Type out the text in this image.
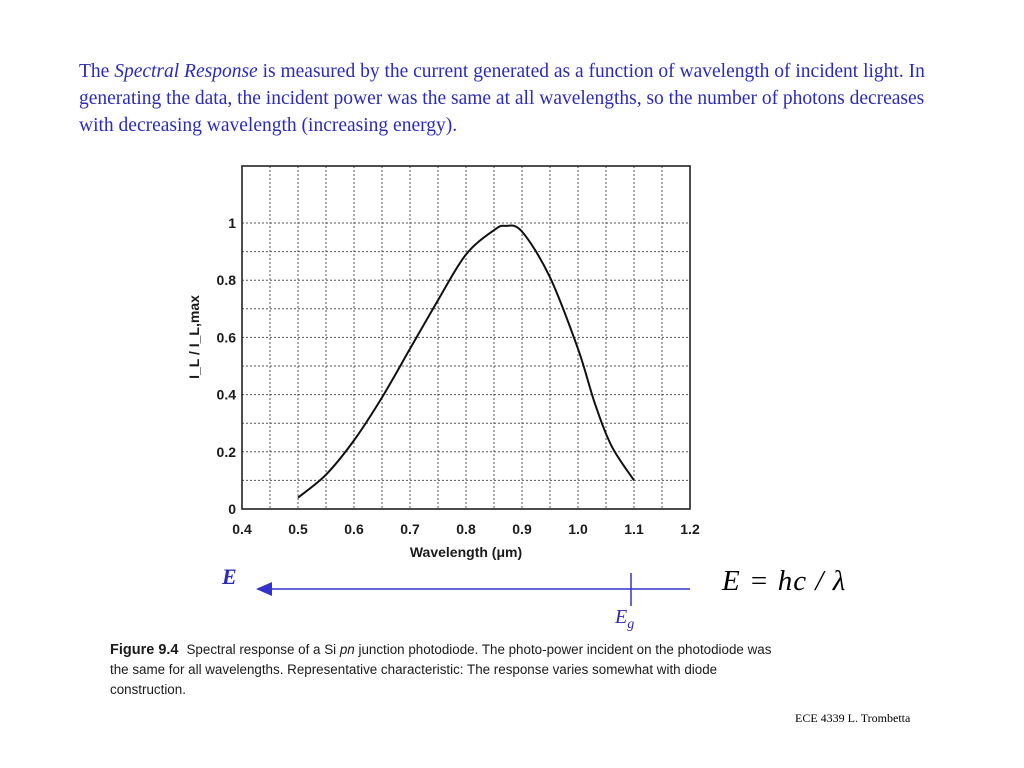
The Spectral Response is measured by the current generated as a function of wavelength of incident light. In generating the data, the incident power was the same at all wavelengths, so the number of photons decreases with decreasing wavelength (increasing energy).
0.4	0.5	0.6	0.7	0.8	0.9	1.0	1.1	1.2
0
0.2
0.4
0.6
0.8
1
Wavelength (μm)
I_L / I_L,max
E
$E_g$
E = hc / λ
Figure 9.4 Spectral response of a Si pn junction photodiode. The photo-power incident on the photodiode was the same for all wavelengths. Representative characteristic: The response varies somewhat with diode construction.
ECE 4339 L. Trombetta
